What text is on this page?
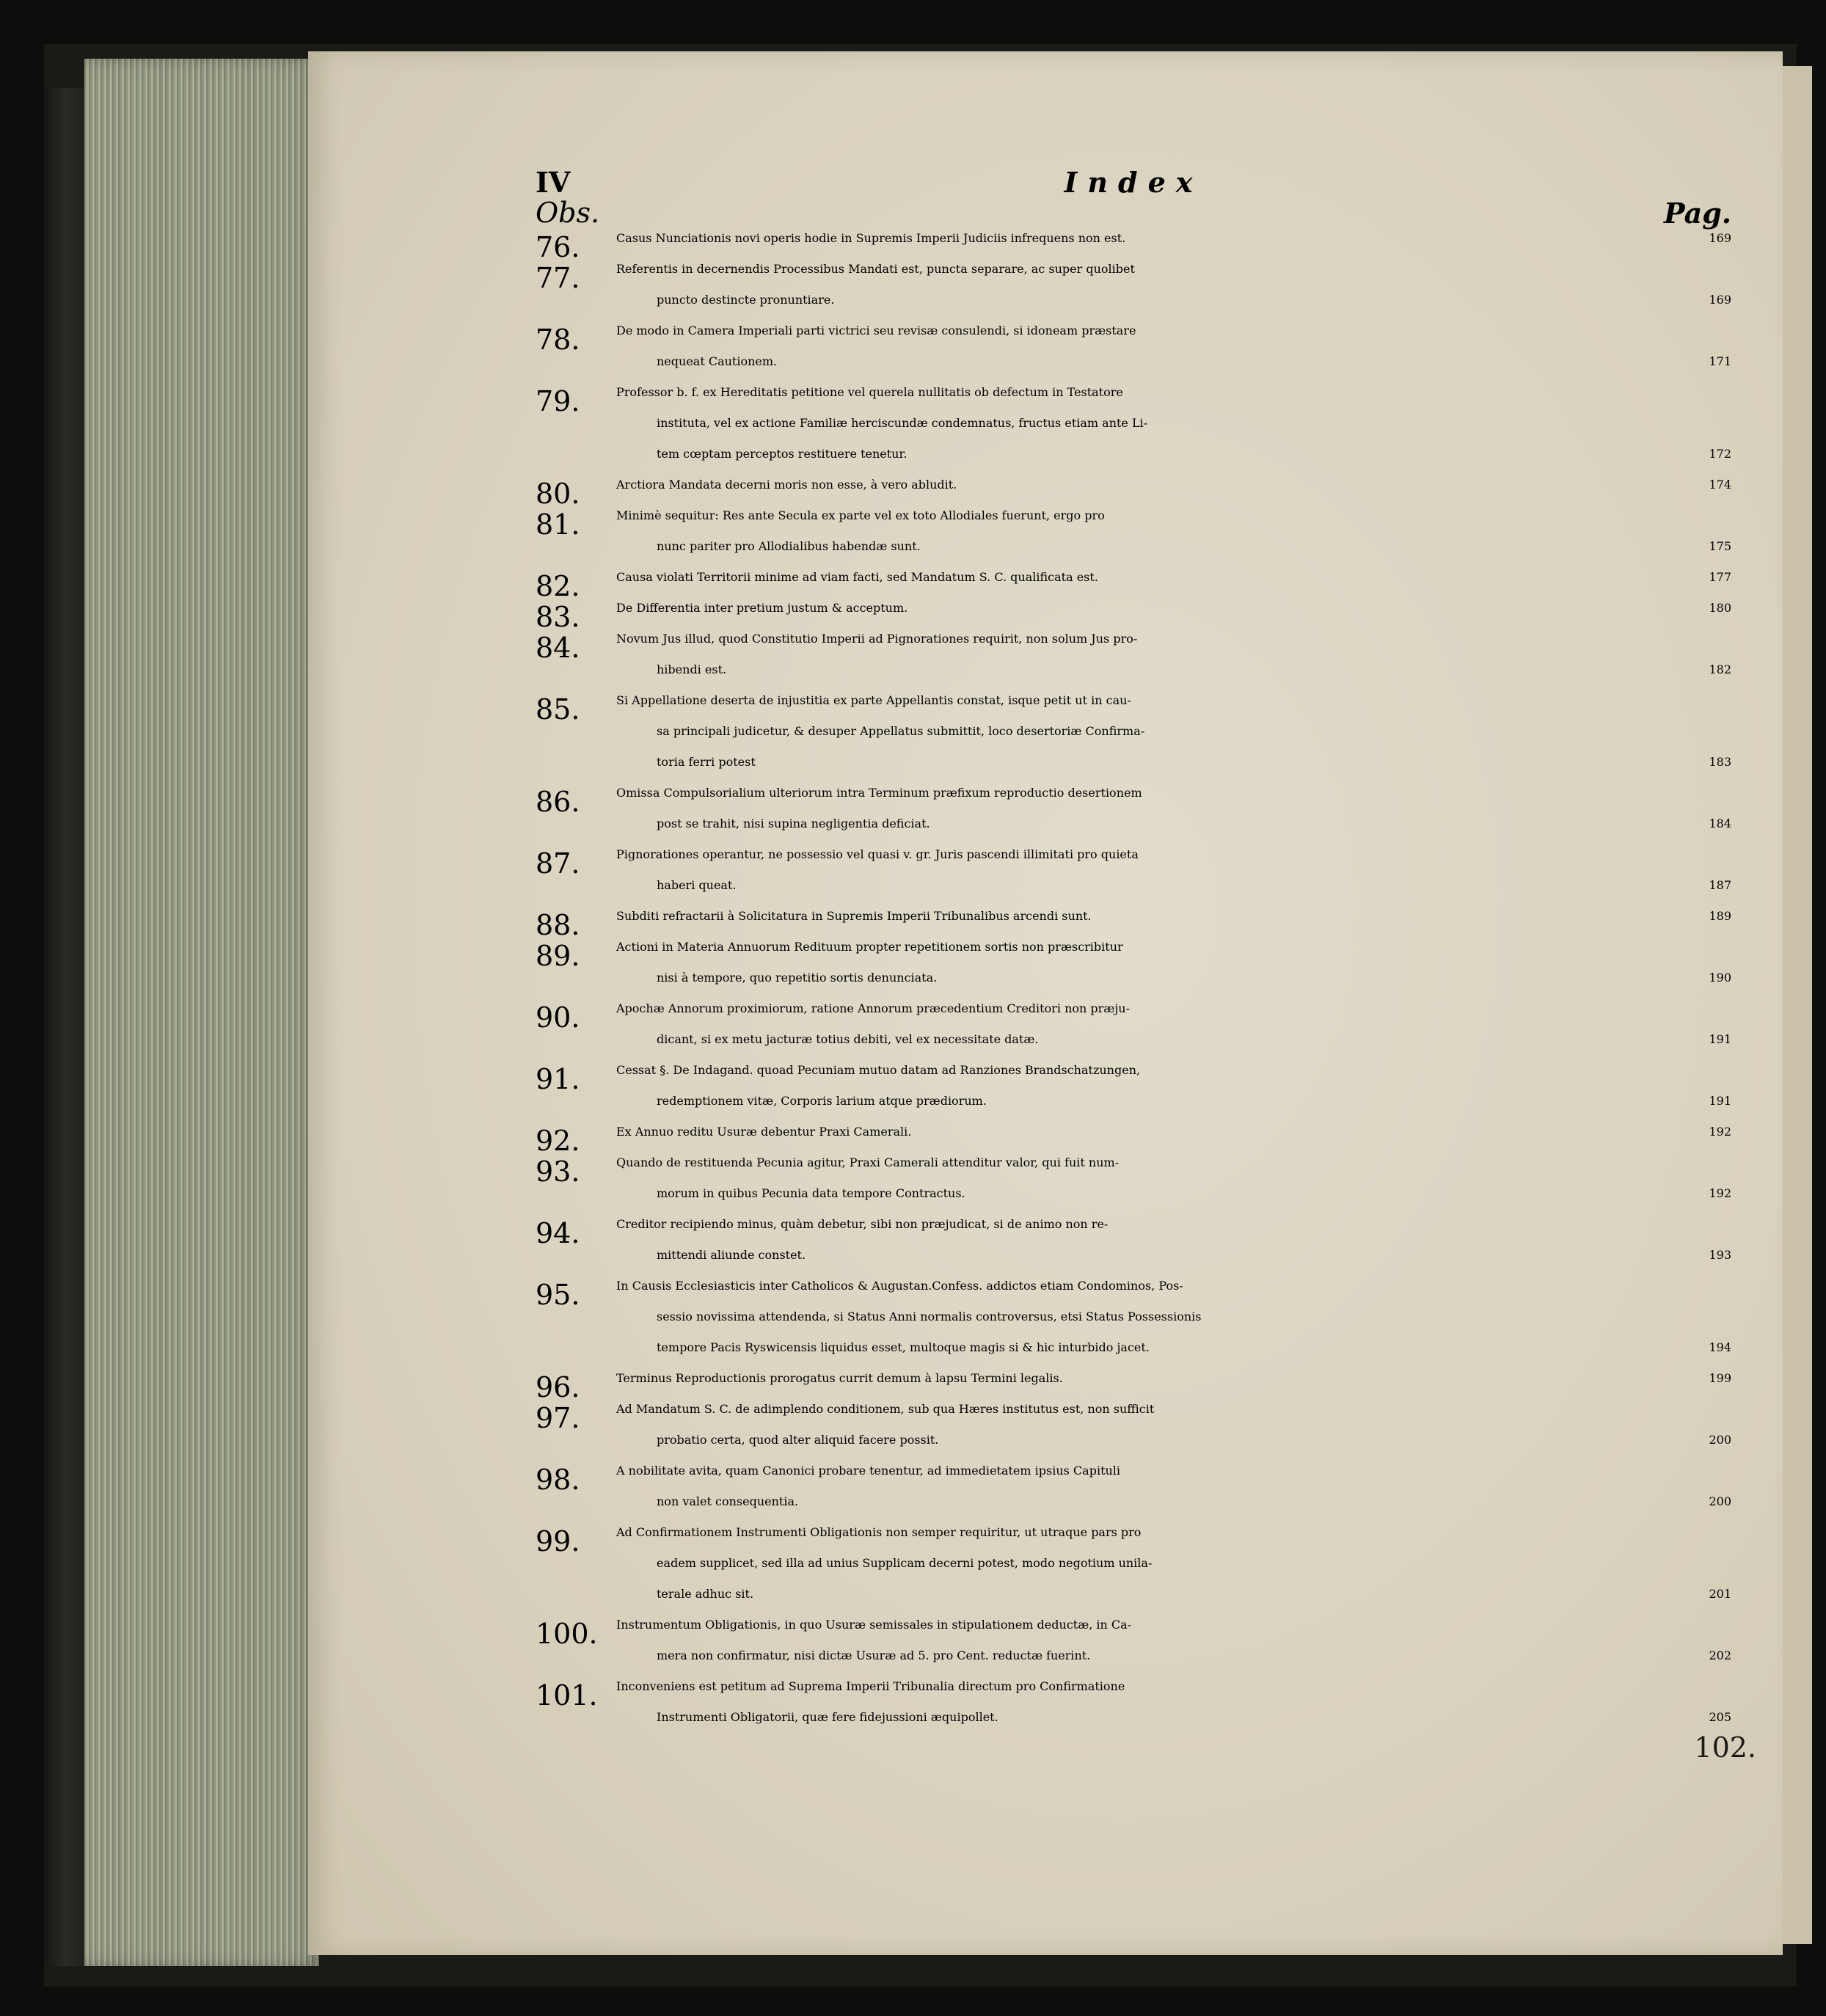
IV	Index
Obs.	Pag.
76.	Casus Nunciationis novi operis hodie in Supremis Imperii Judiciis infrequens non est.	169
77.	Referentis in decernendis Processibus Mandati est, puncta separare, ac super quolibet
puncto destincte pronuntiare.	169
78.	De modo in Camera Imperiali parti victrici seu revisæ consulendi, si idoneam præstare
nequeat Cautionem.	171
79.	Professor b. f. ex Hereditatis petitione vel querela nullitatis ob defectum in Testatore
instituta, vel ex actione Familiæ herciscundæ condemnatus, fructus etiam ante Li-
tem cœptam perceptos restituere tenetur.	172
80.	Arctiora Mandata decerni moris non esse, à vero abludit.	174
81.	Minimè sequitur: Res ante Secula ex parte vel ex toto Allodiales fuerunt, ergo pro
nunc pariter pro Allodialibus habendæ sunt.	175
82.	Causa violati Territorii minime ad viam facti, sed Mandatum S. C. qualificata est.	177
83.	De Differentia inter pretium justum & acceptum.	180
84.	Novum Jus illud, quod Constitutio Imperii ad Pignorationes requirit, non solum Jus pro-
hibendi est.	182
85.	Si Appellatione deserta de injustitia ex parte Appellantis constat, isque petit ut in cau-
sa principali judicetur, & desuper Appellatus submittit, loco desertoriæ Confirma-
toria ferri potest	183
86.	Omissa Compulsorialium ulteriorum intra Terminum præfixum reproductio desertionem
post se trahit, nisi supina negligentia deficiat.	184
87.	Pignorationes operantur, ne possessio vel quasi v. gr. Juris pascendi illimitati pro quieta
haberi queat.	187
88.	Subditi refractarii à Solicitatura in Supremis Imperii Tribunalibus arcendi sunt.	189
89.	Actioni in Materia Annuorum Redituum propter repetitionem sortis non præscribitur
nisi à tempore, quo repetitio sortis denunciata.	190
90.	Apochæ Annorum proximiorum, ratione Annorum præcedentium Creditori non præju-
dicant, si ex metu jacturæ totius debiti, vel ex necessitate datæ.	191
91.	Cessat §. De Indagand. quoad Pecuniam mutuo datam ad Ranziones Brandschatzungen,
redemptionem vitæ, Corporis larium atque prædiorum.	191
92.	Ex Annuo reditu Usuræ debentur Praxi Camerali.	192
93.	Quando de restituenda Pecunia agitur, Praxi Camerali attenditur valor, qui fuit num-
morum in quibus Pecunia data tempore Contractus.	192
94.	Creditor recipiendo minus, quàm debetur, sibi non præjudicat, si de animo non re-
mittendi aliunde constet.	193
95.	In Causis Ecclesiasticis inter Catholicos & Augustan.Confess. addictos etiam Condominos, Pos-
sessio novissima attendenda, si Status Anni normalis controversus, etsi Status Possessionis
tempore Pacis Ryswicensis liquidus esset, multoque magis si & hic inturbido jacet.	194
96.	Terminus Reproductionis prorogatus currit demum à lapsu Termini legalis.	199
97.	Ad Mandatum S. C. de adimplendo conditionem, sub qua Hæres institutus est, non sufficit
probatio certa, quod alter aliquid facere possit.	200
98.	A nobilitate avita, quam Canonici probare tenentur, ad immedietatem ipsius Capituli
non valet consequentia.	200
99.	Ad Confirmationem Instrumenti Obligationis non semper requiritur, ut utraque pars pro
eadem supplicet, sed illa ad unius Supplicam decerni potest, modo negotium unila-
terale adhuc sit.	201
100.	Instrumentum Obligationis, in quo Usuræ semissales in stipulationem deductæ, in Ca-
mera non confirmatur, nisi dictæ Usuræ ad 5. pro Cent. reductæ fuerint.	202
101.	Inconveniens est petitum ad Suprema Imperii Tribunalia directum pro Confirmatione
Instrumenti Obligatorii, quæ fere fidejussioni æquipollet.	205
102.
